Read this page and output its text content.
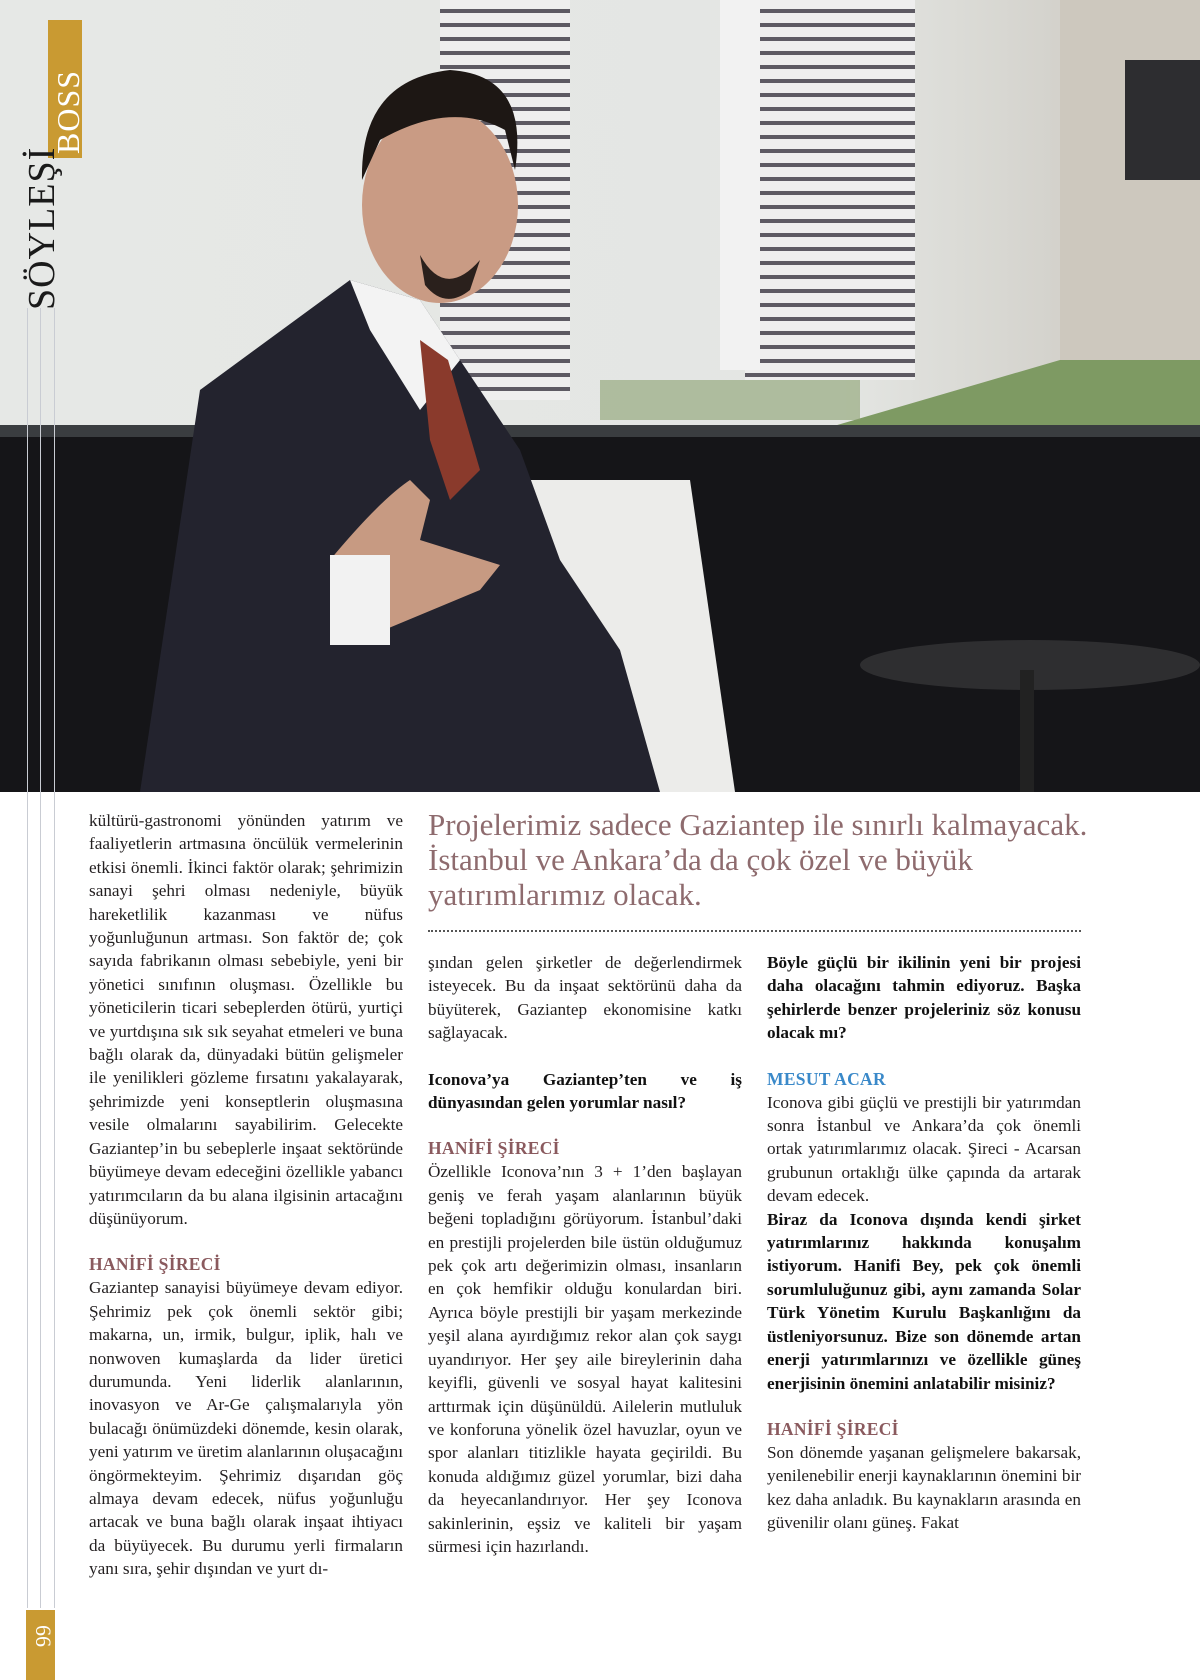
BOSS
SÖYLEŞİ
66

kültürü-gastronomi yönünden yatırım ve faaliyetlerin artmasına öncülük vermelerinin etkisi önemli. İkinci faktör olarak; şehrimizin sanayi şehri olması nedeniyle, büyük hareketlilik kazanması ve nüfus yoğunluğunun artması. Son faktör de; çok sayıda fabrikanın olması sebebiyle, yeni bir yönetici sınıfının oluşması. Özellikle bu yöneticilerin ticari sebeplerden ötürü, yurtiçi ve yurtdışına sık sık seyahat etmeleri ve buna bağlı olarak da, dünyadaki bütün gelişmeler ile yenilikleri gözleme fırsatını yakalayarak, şehrimizde yeni konseptlerin oluşmasına vesile olmalarını sayabilirim. Gelecekte Gaziantep’in bu sebeplerle inşaat sektöründe büyümeye devam edeceğini özellikle yabancı yatırımcıların da bu alana ilgisinin artacağını düşünüyorum.

HANİFİ ŞİRECİ

Gaziantep sanayisi büyümeye devam ediyor. Şehrimiz pek çok önemli sektör gibi; makarna, un, irmik, bulgur, iplik, halı ve nonwoven kumaşlarda da lider üretici durumunda. Yeni liderlik alanlarının, inovasyon ve Ar-Ge çalışmalarıyla yön bulacağı önümüzdeki dönemde, kesin olarak, yeni yatırım ve üretim alanlarının oluşacağını öngörmekteyim. Şehrimiz dışarıdan göç almaya devam edecek, nüfus yoğunluğu artacak ve buna bağlı olarak inşaat ihtiyacı da büyüyecek. Bu durumu yerli firmaların yanı sıra, şehir dışından ve yurt dı-

Projelerimiz sadece Gaziantep ile sınırlı kalmayacak. İstanbul ve Ankara’da da çok özel ve büyük yatırımlarımız olacak.

şından gelen şirketler de değerlendirmek isteyecek. Bu da inşaat sektörünü daha da büyüterek, Gaziantep ekonomisine katkı sağlayacak.

Iconova’ya Gaziantep’ten ve iş dünyasından gelen yorumlar nasıl?

HANİFİ ŞİRECİ

Özellikle Iconova’nın 3 + 1’den başlayan geniş ve ferah yaşam alanlarının büyük beğeni topladığını görüyorum. İstanbul’daki en prestijli projelerden bile üstün olduğumuz pek çok artı değerimizin olması, insanların en çok hemfikir olduğu konulardan biri. Ayrıca böyle prestijli bir yaşam merkezinde yeşil alana ayırdığımız rekor alan çok saygı uyandırıyor. Her şey aile bireylerinin daha keyifli, güvenli ve sosyal hayat kalitesini arttırmak için düşünüldü. Ailelerin mutluluk ve konforuna yönelik özel havuzlar, oyun ve spor alanları titizlikle hayata geçirildi. Bu konuda aldığımız güzel yorumlar, bizi daha da heyecanlandırıyor. Her şey Iconova sakinlerinin, eşsiz ve kaliteli bir yaşam sürmesi için hazırlandı.

Böyle güçlü bir ikilinin yeni bir projesi daha olacağını tahmin ediyoruz. Başka şehirlerde benzer projeleriniz söz konusu olacak mı?

MESUT ACAR

Iconova gibi güçlü ve prestijli bir yatırımdan sonra İstanbul ve Ankara’da çok önemli ortak yatırımlarımız olacak. Şireci - Acarsan grubunun ortaklığı ülke çapında da artarak devam edecek.

Biraz da Iconova dışında kendi şirket yatırımlarınız hakkında konuşalım istiyorum. Hanifi Bey, pek çok önemli sorumluluğunuz gibi, aynı zamanda Solar Türk Yönetim Kurulu Başkanlığını da üstleniyorsunuz. Bize son dönemde artan enerji yatırımlarınızı ve özellikle güneş enerjisinin önemini anlatabilir misiniz?

HANİFİ ŞİRECİ

Son dönemde yaşanan gelişmelere bakarsak, yenilenebilir enerji kaynaklarının önemini bir kez daha anladık. Bu kaynakların arasında en güvenilir olanı güneş. Fakat
